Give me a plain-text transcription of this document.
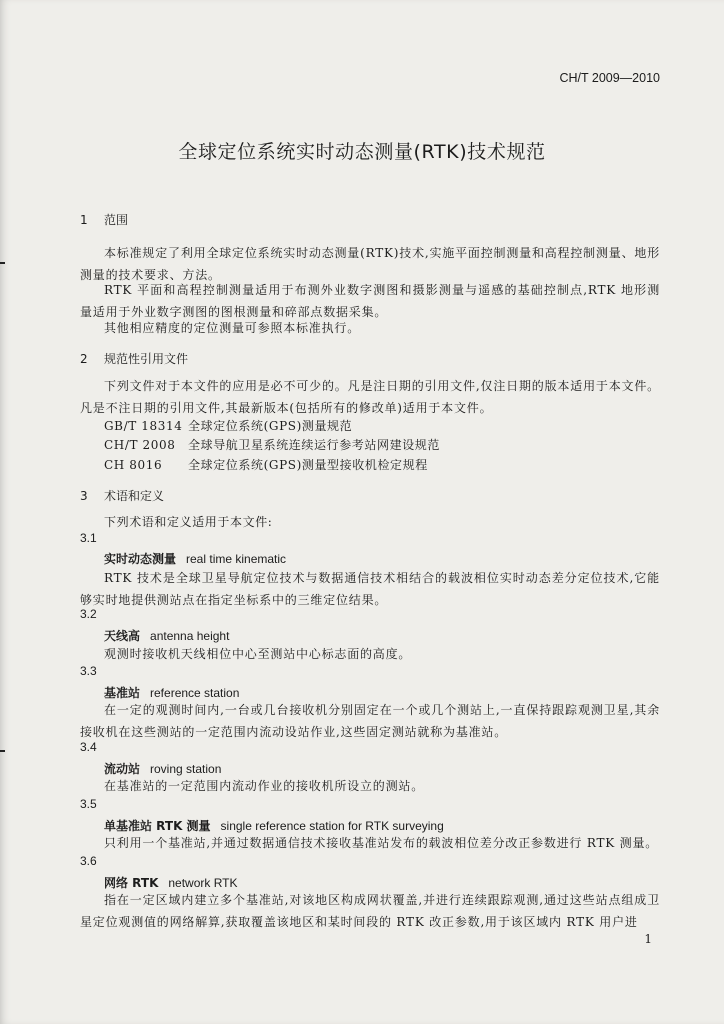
CH/T 2009—2010
全球定位系统实时动态测量(RTK)技术规范
1 范围
本标准规定了利用全球定位系统实时动态测量(RTK)技术,实施平面控制测量和高程控制测量、地形测量的技术要求、方法。
RTK 平面和高程控制测量适用于布测外业数字测图和摄影测量与遥感的基础控制点,RTK 地形测量适用于外业数字测图的图根测量和碎部点数据采集。
其他相应精度的定位测量可参照本标准执行。
2 规范性引用文件
下列文件对于本文件的应用是必不可少的。凡是注日期的引用文件,仅注日期的版本适用于本文件。凡是不注日期的引用文件,其最新版本(包括所有的修改单)适用于本文件。
GB/T 18314 全球定位系统(GPS)测量规范
CH/T 2008 全球导航卫星系统连续运行参考站网建设规范
CH 8016 全球定位系统(GPS)测量型接收机检定规程
3 术语和定义
下列术语和定义适用于本文件:
3.1
实时动态测量 real time kinematic
RTK 技术是全球卫星导航定位技术与数据通信技术相结合的载波相位实时动态差分定位技术,它能够实时地提供测站点在指定坐标系中的三维定位结果。
3.2
天线高 antenna height
观测时接收机天线相位中心至测站中心标志面的高度。
3.3
基准站 reference station
在一定的观测时间内,一台或几台接收机分别固定在一个或几个测站上,一直保持跟踪观测卫星,其余接收机在这些测站的一定范围内流动设站作业,这些固定测站就称为基准站。
3.4
流动站 roving station
在基准站的一定范围内流动作业的接收机所设立的测站。
3.5
单基准站 RTK 测量 single reference station for RTK surveying
只利用一个基准站,并通过数据通信技术接收基准站发布的载波相位差分改正参数进行 RTK 测量。
3.6
网络 RTK network RTK
指在一定区域内建立多个基准站,对该地区构成网状覆盖,并进行连续跟踪观测,通过这些站点组成卫星定位观测值的网络解算,获取覆盖该地区和某时间段的 RTK 改正参数,用于该区域内 RTK 用户进
1
